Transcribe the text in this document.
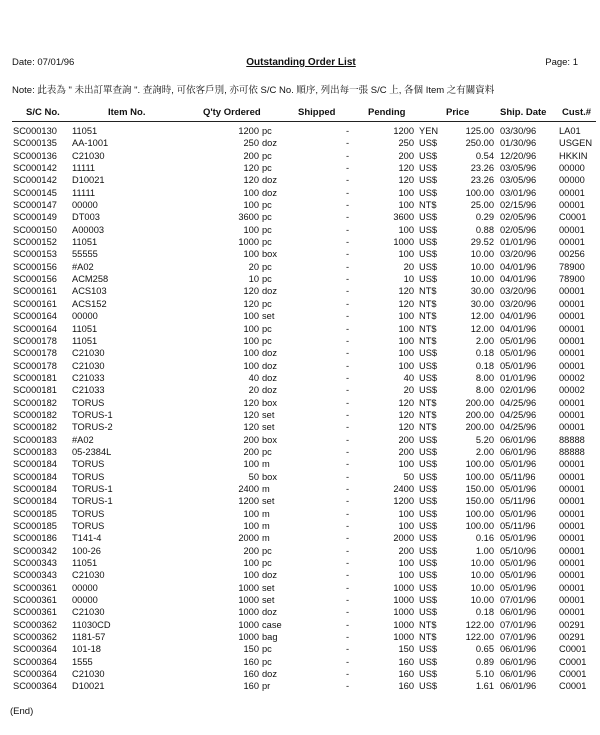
Date: 07/01/96	Outstanding Order List	Page: 1
Note: 此表為 " 未出訂單查詢 ". 查詢時, 可依客戶別, 亦可依 S/C No. 順序, 列出每一張 S/C 上, 各個 Item 之有關資料
S/C No.	Item No.	Q'ty Ordered	Shipped	Pending	Price	Ship. Date Cust.#
SC000130 11051	1200 pc	-	1200 YEN	125.00 03/30/96 LA01
SC000135 AA-1001	250 doz	-	250 US$	250.00 01/30/96 USGEN
SC000136 C21030	200 pc	-	200 US$	0.54 12/20/96 HKKIN
SC000142 11111	120 pc	-	120 US$	23.26 03/05/96 00000
SC000142 D10021	120 doz	-	120 US$	23.26 03/05/96 00000
SC000145 11111	100 doz	-	100 US$	100.00 03/01/96 00001
SC000147 00000	100 pc	-	100 NT$	25.00 02/15/96 00001
SC000149 DT003	3600 pc	-	3600 US$	0.29 02/05/96 C0001
SC000150 A00003	100 pc	-	100 US$	0.88 02/05/96 00001
SC000152 11051	1000 pc	-	1000 US$	29.52 01/01/96 00001
SC000153 55555	100 box	-	100 US$	10.00 03/20/96 00256
SC000156 #A02	20 pc	-	20 US$	10.00 04/01/96 78900
SC000156 ACM258	10 pc	-	10 US$	10.00 04/01/96 78900
SC000161 ACS103	120 doz	-	120 NT$	30.00 03/20/96 00001
SC000161 ACS152	120 pc	-	120 NT$	30.00 03/20/96 00001
SC000164 00000	100 set	-	100 NT$	12.00 04/01/96 00001
SC000164 11051	100 pc	-	100 NT$	12.00 04/01/96 00001
SC000178 11051	100 pc	-	100 NT$	2.00 05/01/96 00001
SC000178 C21030	100 doz	-	100 US$	0.18 05/01/96 00001
SC000178 C21030	100 doz	-	100 US$	0.18 05/01/96 00001
SC000181 C21033	40 doz	-	40 US$	8.00 01/01/96 00002
SC000181 C21033	20 doz	-	20 US$	8.00 02/01/96 00002
SC000182 TORUS	120 box	-	120 NT$	200.00 04/25/96 00001
SC000182 TORUS-1	120 set	-	120 NT$	200.00 04/25/96 00001
SC000182 TORUS-2	120 set	-	120 NT$	200.00 04/25/96 00001
SC000183 #A02	200 box	-	200 US$	5.20 06/01/96 88888
SC000183 05-2384L	200 pc	-	200 US$	2.00 06/01/96 88888
SC000184 TORUS	100 m	-	100 US$	100.00 05/01/96 00001
SC000184 TORUS	50 box	-	50 US$	100.00 05/11/96	00001
SC000184 TORUS-1	2400 m	-	2400 US$	150.00 05/01/96 00001
SC000184 TORUS-1	1200 set	-	1200 US$	150.00 05/11/96	00001
SC000185 TORUS	100 m	-	100 US$	100.00 05/01/96 00001
SC000185 TORUS	100 m	-	100 US$	100.00 05/11/96	00001
SC000186 T141-4	2000 m	-	2000 US$	0.16 05/01/96 00001
SC000342 100-26	200 pc	-	200 US$	1.00 05/10/96 00001
SC000343 11051	100 pc	-	100 US$	10.00 05/01/96 00001
SC000343 C21030	100 doz	-	100 US$	10.00 05/01/96 00001
SC000361 00000	1000 set	-	1000 US$	10.00 05/01/96 00001
SC000361 00000	1000 set	-	1000 US$	10.00 07/01/96 00001
SC000361 C21030	1000 doz	-	1000 US$	0.18 06/01/96 00001
SC000362 11030CD	1000 case	-	1000 NT$	122.00 07/01/96 00291
SC000362 1181-57	1000 bag	-	1000 NT$	122.00 07/01/96 00291
SC000364 101-18	150 pc	-	150 US$	0.65 06/01/96 C0001
SC000364 1555	160 pc	-	160 US$	0.89 06/01/96 C0001
SC000364 C21030	160 doz	-	160 US$	5.10 06/01/96 C0001
SC000364 D10021	160 pr	-	160 US$	1.61 06/01/96 C0001
(End)
